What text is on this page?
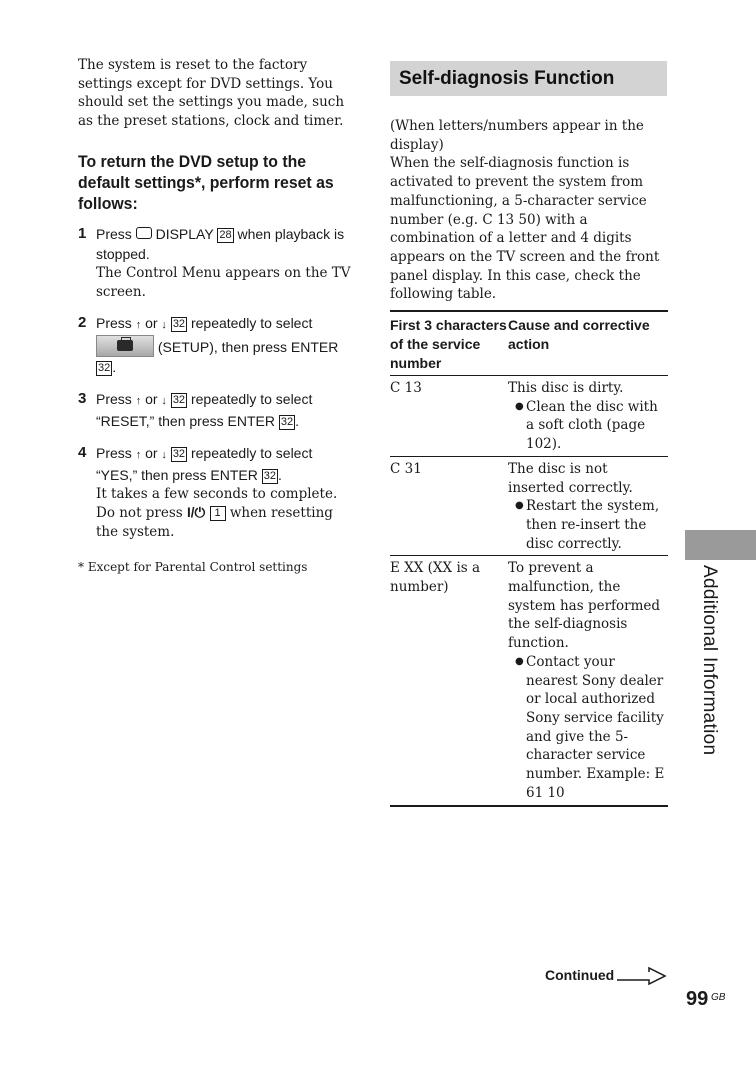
The system is reset to the factory settings except for DVD settings. You should set the settings you made, such as the preset stations, clock and timer.

To return the DVD setup to the default settings*, perform reset as follows:
1 Press DISPLAY 28 when playback is stopped.
The Control Menu appears on the TV screen.
2 Press ↑ or ↓ 32 repeatedly to select
(SETUP), then press ENTER 32 .
3 Press ↑ or ↓ 32 repeatedly to select “RESET,” then press ENTER 32 .
4 Press ↑ or ↓ 32 repeatedly to select “YES,” then press ENTER 32 .
It takes a few seconds to complete. Do not press I/⏻ 1 when resetting the system.
* Except for Parental Control settings
Self-diagnosis Function
(When letters/numbers appear in the display)
When the self-diagnosis function is activated to prevent the system from malfunctioning, a 5-character service number (e.g. C 13 50) with a combination of a letter and 4 digits appears on the TV screen and the front panel display. In this case, check the following table.
First 3 characters of the service number	Cause and corrective action
C 13	This disc is dirty.
● Clean the disc with a soft cloth (page 102).

C 31	The disc is not inserted correctly.
● Restart the system, then re-insert the disc correctly.

E XX (XX is a number)	To prevent a malfunction, the system has performed the self-diagnosis function.
● Contact your nearest Sony dealer or local authorized Sony service facility and give the 5-character service number. Example: E 61 10
Additional Information
Continued
99 GB
